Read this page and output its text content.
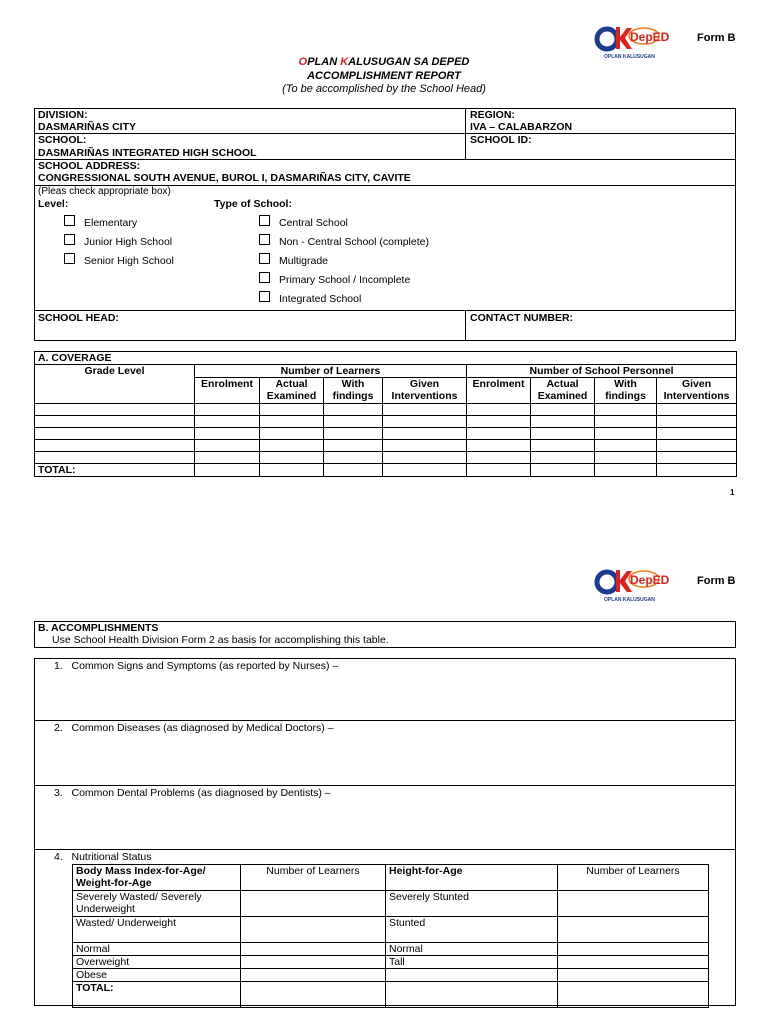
DepED
OPLAN KALUSUGAN
Form B
OPLAN KALUSUGAN SA DEPED
ACCOMPLISHMENT REPORT
(To be accomplished by the School Head)
DIVISION:
DASMARIÑAS CITY
REGION:
IVA – CALABARZON
SCHOOL:
DASMARIÑAS INTEGRATED HIGH SCHOOL
SCHOOL ID:
SCHOOL ADDRESS:
CONGRESSIONAL SOUTH AVENUE, BUROL I, DASMARIÑAS CITY, CAVITE
(Pleas check appropriate box)
Level:	Type of School:
Elementary
Junior High School
Senior High School
Central School
Non - Central School (complete)
Multigrade
Primary School / Incomplete
Integrated School
SCHOOL HEAD:	CONTACT NUMBER:
A. COVERAGE								
Grade Level	Number of Learners				Number of School Personnel			
	Enrolment	Actual Examined	With findings	Given Interventions	Enrolment	Actual Examined	With findings	Given Interventions

TOTAL:								
1
DepED
OPLAN KALUSUGAN
Form B
B. ACCOMPLISHMENTS
Use School Health Division Form 2 as basis for accomplishing this table.
1.   Common Signs and Symptoms (as reported by Nurses) –
2.   Common Diseases (as diagnosed by Medical Doctors) –
3.   Common Dental Problems (as diagnosed by Dentists) –
4.   Nutritional Status
Body Mass Index-for-Age/ Weight-for-Age	Number of Learners	Height-for-Age	Number of Learners
Severely Wasted/ Severely Underweight		Severely Stunted	
Wasted/ Underweight		Stunted	
Normal		Normal	
Overweight		Tall	
Obese			
TOTAL:			
